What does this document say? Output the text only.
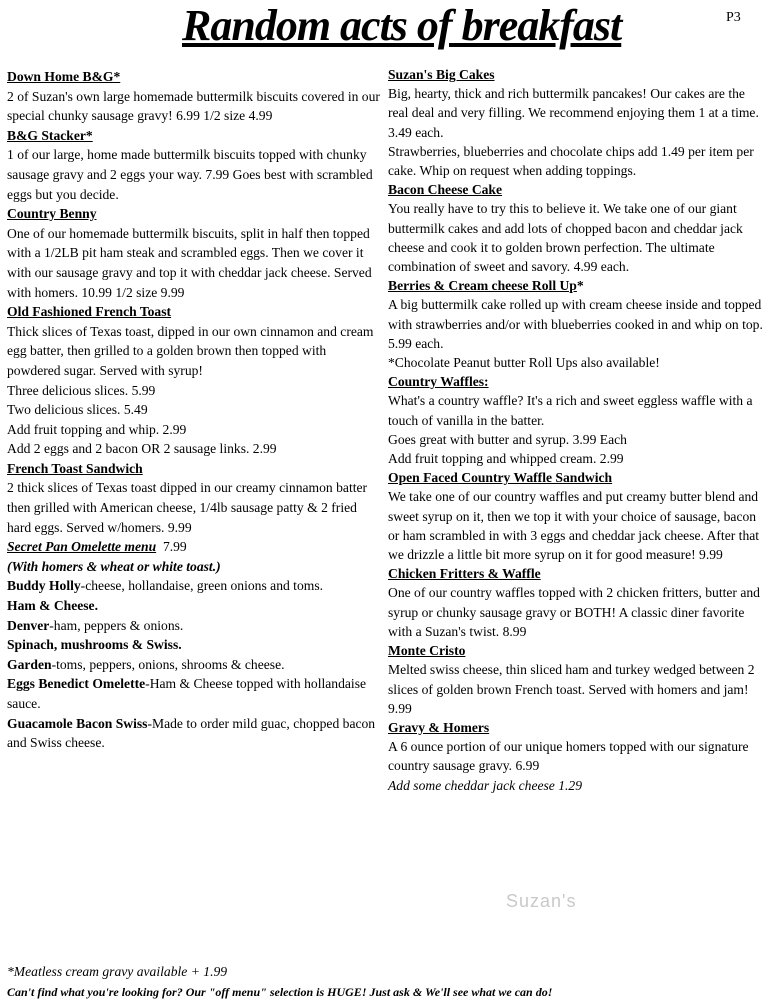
Random acts of breakfast	P3
Down Home B&G*
2 of Suzan's own large homemade buttermilk biscuits covered in our special chunky sausage gravy! 6.99 1/2 size 4.99
B&G Stacker*
1 of our large, home made buttermilk biscuits topped with chunky sausage gravy and 2 eggs your way. 7.99 Goes best with scrambled eggs but you decide.
Country Benny
One of our homemade buttermilk biscuits, split in half then topped with a 1/2LB pit ham steak and scrambled eggs. Then we cover it with our sausage gravy and top it with cheddar jack cheese. Served with homers. 10.99 1/2 size 9.99
Old Fashioned French Toast
Thick slices of Texas toast, dipped in our own cinnamon and cream egg batter, then grilled to a golden brown then topped with powdered sugar. Served with syrup!
Three delicious slices. 5.99
Two delicious slices. 5.49
Add fruit topping and whip. 2.99
Add 2 eggs and 2 bacon OR 2 sausage links. 2.99
French Toast Sandwich
2 thick slices of Texas toast dipped in our creamy cinnamon batter then grilled with American cheese, 1/4lb sausage patty & 2 fried hard eggs. Served w/homers. 9.99
Secret Pan Omelette menu 7.99
(With homers & wheat or white toast.)
Buddy Holly-cheese, hollandaise, green onions and toms.
Ham & Cheese.
Denver-ham, peppers & onions.
Spinach, mushrooms & Swiss.
Garden-toms, peppers, onions, shrooms & cheese.
Eggs Benedict Omelette-Ham & Cheese topped with hollandaise sauce.
Guacamole Bacon Swiss-Made to order mild guac, chopped bacon and Swiss cheese.
Suzan's Big Cakes
Big, hearty, thick and rich buttermilk pancakes! Our cakes are the real deal and very filling. We recommend enjoying them 1 at a time. 3.49 each.
Strawberries, blueberries and chocolate chips add 1.49 per item per cake. Whip on request when adding toppings.
Bacon Cheese Cake
You really have to try this to believe it. We take one of our giant buttermilk cakes and add lots of chopped bacon and cheddar jack cheese and cook it to golden brown perfection. The ultimate combination of sweet and savory. 4.99 each.
Berries & Cream cheese Roll Up*
A big buttermilk cake rolled up with cream cheese inside and topped with strawberries and/or with blueberries cooked in and whip on top. 5.99 each.
*Chocolate Peanut butter Roll Ups also available!
Country Waffles:
What's a country waffle? It's a rich and sweet eggless waffle with a touch of vanilla in the batter.
Goes great with butter and syrup. 3.99 Each
Add fruit topping and whipped cream. 2.99
Open Faced Country Waffle Sandwich
We take one of our country waffles and put creamy butter blend and sweet syrup on it, then we top it with your choice of sausage, bacon or ham scrambled in with 3 eggs and cheddar jack cheese. After that we drizzle a little bit more syrup on it for good measure! 9.99
Chicken Fritters & Waffle
One of our country waffles topped with 2 chicken fritters, butter and syrup or chunky sausage gravy or BOTH! A classic diner favorite with a Suzan's twist. 8.99
Monte Cristo
Melted swiss cheese, thin sliced ham and turkey wedged between 2 slices of golden brown French toast. Served with homers and jam! 9.99
Gravy & Homers
A 6 ounce portion of our unique homers topped with our signature country sausage gravy. 6.99
Add some cheddar jack cheese 1.29
Suzan's
*Meatless cream gravy available + 1.99
Can't find what you're looking for? Our "off menu" selection is HUGE! Just ask & We'll see what we can do!
